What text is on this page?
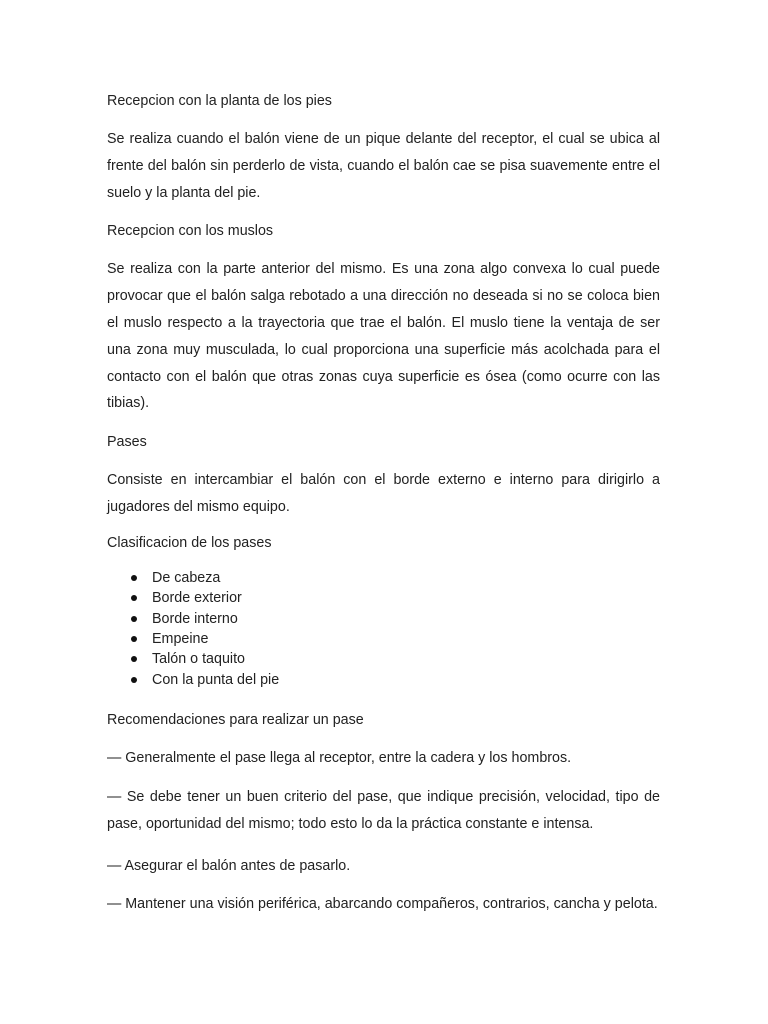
Recepcion con la planta de los pies

Se realiza cuando el balón viene de un pique delante del receptor, el cual se ubica al frente del balón sin perderlo de vista, cuando el balón cae se pisa suavemente entre el suelo y la planta del pie.

Recepcion con los muslos

Se realiza con la parte anterior del mismo. Es una zona algo convexa lo cual puede provocar que el balón salga rebotado a una dirección no deseada si no se coloca bien el muslo respecto a la trayectoria que trae el balón. El muslo tiene la ventaja de ser una zona muy musculada, lo cual proporciona una superficie más acolchada para el contacto con el balón que otras zonas cuya superficie es ósea (como ocurre con las tibias).

Pases

Consiste en intercambiar el balón con el borde externo e interno para dirigirlo a jugadores del mismo equipo.

Clasificacion de los pases

De cabeza
Borde exterior
Borde interno
Empeine
Talón o taquito
Con la punta del pie

Recomendaciones para realizar un pase

— Generalmente el pase llega al receptor, entre la cadera y los hombros.

— Se debe tener un buen criterio del pase, que indique precisión, velocidad, tipo de pase, oportunidad del mismo; todo esto lo da la práctica constante e intensa.

— Asegurar el balón antes de pasarlo.

— Mantener una visión periférica, abarcando compañeros, contrarios, cancha y pelota.
